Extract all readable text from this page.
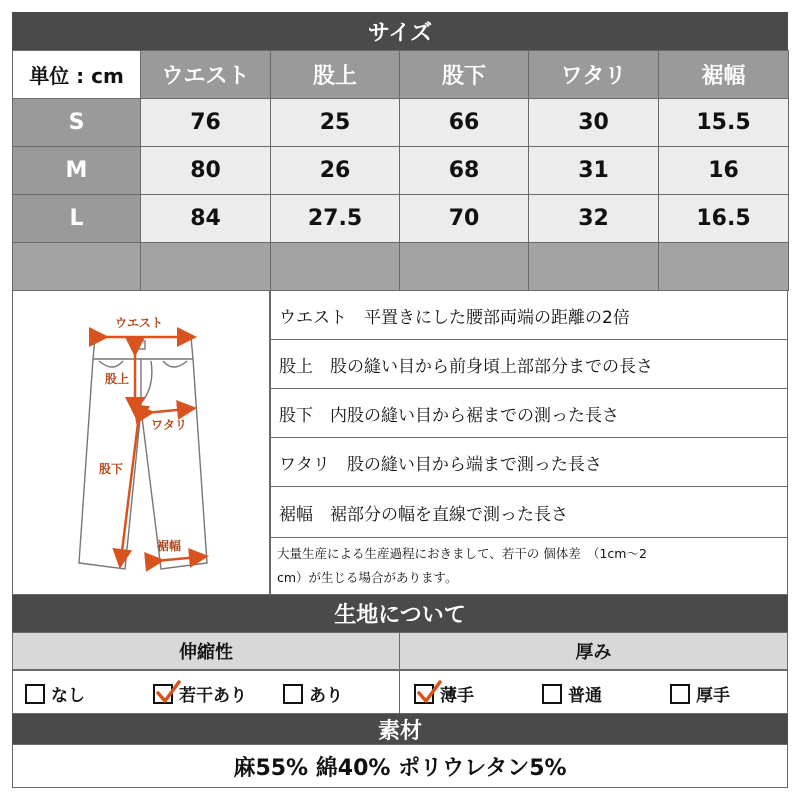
サイズ
単位 : cm	ウエスト	股上	股下	ワタリ	裾幅
S	76	25	66	30	15.5
M	80	26	68	31	16
L	84	27.5	70	32	16.5

ウエスト
股上
ワタリ
股下
裾幅
ウエスト　平置きにした腰部両端の距離の2倍
股上　股の縫い目から前身頃上部部分までの長さ
股下　内股の縫い目から裾までの測った長さ
ワタリ　股の縫い目から端まで測った長さ
裾幅　裾部分の幅を直線で測った長さ
大量生産による生産過程におきまして、若干の 個体差　（1cm～2
cm）が生じる場合があります。
生地について
伸縮性	厚み
なし	若干あり	あり	薄手	普通	厚手
素材
麻55% 綿40% ポリウレタン5%
